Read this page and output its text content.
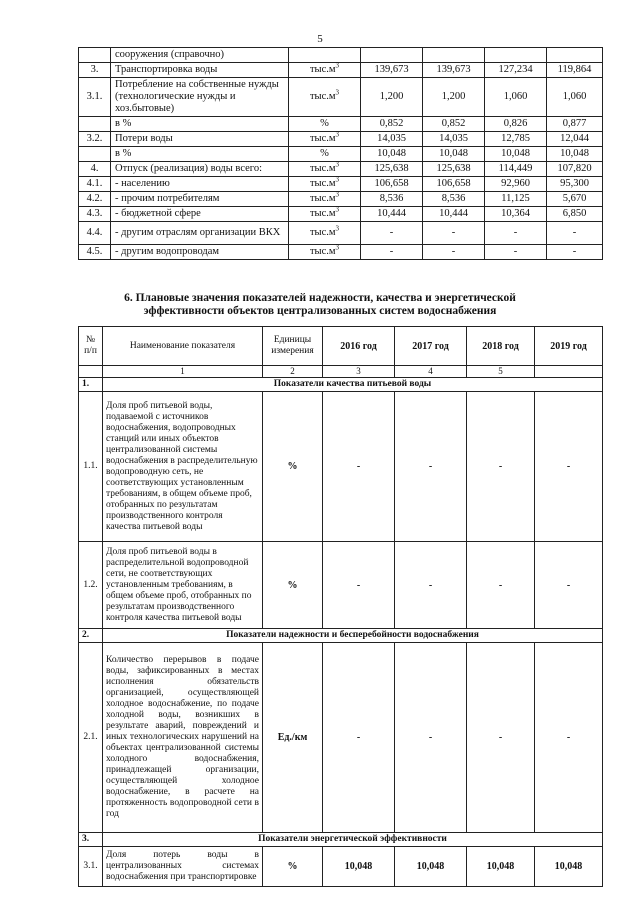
5
	сооружения (справочно)					
3.	Транспортировка воды	$тыс.м^3$	139,673	139,673	127,234	119,864
3.1.	Потребление на собственные нужды (технологические нужды и хоз.бытовые)	$тыс.м^3$	1,200	1,200	1,060	1,060
	в %	%	0,852	0,852	0,826	0,877
3.2.	Потери воды	$тыс.м^3$	14,035	14,035	12,785	12,044
	в %	%	10,048	10,048	10,048	10,048
4.	Отпуск (реализация) воды всего:	$тыс.м^3$	125,638	125,638	114,449	107,820
4.1.	- населению	$тыс.м^3$	106,658	106,658	92,960	95,300
4.2.	- прочим потребителям	$тыс.м^3$	8,536	8,536	11,125	5,670
4.3.	- бюджетной сфере	$тыс.м^3$	10,444	10,444	10,364	6,850
4.4.	- другим отраслям организации ВКХ	$тыс.м^3$	-	-	-	-
4.5.	- другим водопроводам	$тыс.м^3$	-	-	-	-
6. Плановые значения показателей надежности, качества и энергетической
эффективности объектов централизованных систем водоснабжения
№ п/п	Наименование показателя	Единицы измерения	2016 год	2017 год	2018 год	2019 год
	1	2	3	4	5	
1.	Показатели качества питьевой воды					
1.1.	Доля проб питьевой воды, подаваемой с источников водоснабжения, водопроводных станций или иных объектов централизованной системы водоснабжения в распределительную водопроводную сеть, не соответствующих установленным требованиям, в общем объеме проб, отобранных по результатам производственного контроля качества питьевой воды	%	-	-	-	-
1.2.	Доля проб питьевой воды в распределительной водопроводной сети, не соответствующих установленным требованиям, в общем объеме проб, отобранных по результатам производственного контроля качества питьевой воды	%	-	-	-	-
2.	Показатели надежности и бесперебойности водоснабжения					
2.1.	Количество перерывов в подаче воды, зафиксированных в местах исполнения обязательств организацией, осуществляющей холодное водоснабжение, по подаче холодной воды, возникших в результате аварий, повреждений и иных технологических нарушений на объектах централизованной системы холодного водоснабжения, принадлежащей организации, осуществляющей холодное водоснабжение, в расчете на протяженность водопроводной сети в год	Ед./км	-	-	-	-
3.	Показатели энергетической эффективности					
3.1.	Доля потерь воды в централизованных системах водоснабжения при транспортировке	%	10,048	10,048	10,048	10,048
